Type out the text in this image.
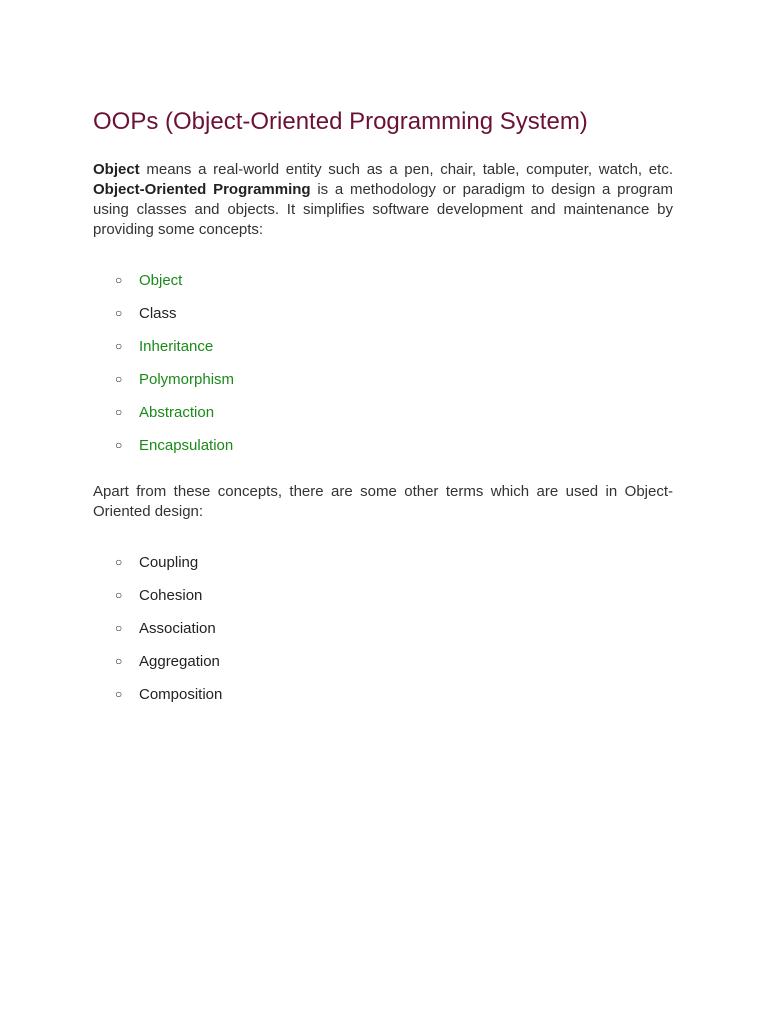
OOPs (Object-Oriented Programming System)

Object means a real-world entity such as a pen, chair, table, computer, watch, etc. Object-Oriented Programming is a methodology or paradigm to design a program using classes and objects. It simplifies software development and maintenance by providing some concepts:

○ Object
○ Class
○ Inheritance
○ Polymorphism
○ Abstraction
○ Encapsulation

Apart from these concepts, there are some other terms which are used in Object-Oriented design:

○ Coupling
○ Cohesion
○ Association
○ Aggregation
○ Composition
